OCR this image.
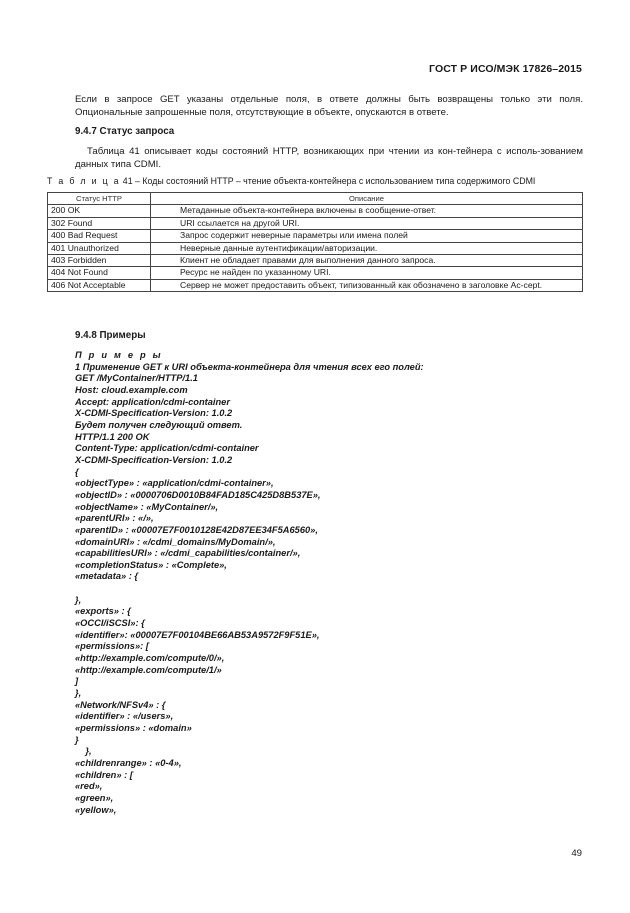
ГОСТ Р ИСО/МЭК 17826–2015
Если в запросе GET указаны отдельные поля, в ответе должны быть возвращены только эти поля. Опциональные запрошенные поля, отсутствующие в объекте, опускаются в ответе.
9.4.7 Статус запроса
Таблица 41 описывает коды состояний HTTP, возникающих при чтении из кон-тейнера с исполь-зованием данных типа CDMI.
Т а б л и ц а 41 – Коды состояний HTTP – чтение объекта-контейнера с использованием типа содержимого CDMI
Статус HTTP	Описание
200 OK	Метаданные объекта-контейнера включены в сообщение-ответ.
302 Found	URI ссылается на другой URI.
400 Bad Request	Запрос содержит неверные параметры или имена полей
401 Unauthorized	Неверные данные аутентификации/авторизации.
403 Forbidden	Клиент не обладает правами для выполнения данного запроса.
404 Not Found	Ресурс не найден по указанному URI.
406 Not Acceptable	Сервер не может предоставить объект, типизованный как обозначено в заголовке Ac-cept.
9.4.8 Примеры
П р и м е р ы
1 Применение GET к URI объекта-контейнера для чтения всех его полей:
GET /MyContainer/HTTP/1.1
Host: cloud.example.com
Accept: application/cdmi-container
X-CDMI-Specification-Version: 1.0.2
Будет получен следующий ответ.
HTTP/1.1 200 OK
Content-Type: application/cdmi-container
X-CDMI-Specification-Version: 1.0.2
{
«objectType» : «application/cdmi-container»,
«objectID» : «0000706D0010B84FAD185C425D8B537E»,
«objectName» : «MyContainer/»,
«parentURI» : «/»,
«parentID» : «00007E7F0010128E42D87EE34F5A6560»,
«domainURI» : «/cdmi_domains/MyDomain/»,
«capabilitiesURI» : «/cdmi_capabilities/container/»,
«completionStatus» : «Complete»,
«metadata» : {

},
«exports» : {
«OCCI/iSCSI»: {
«identifier»: «00007E7F00104BE66AB53A9572F9F51E»,
«permissions»: [
«http://example.com/compute/0/»,
«http://example.com/compute/1/»
]
},
«Network/NFSv4» : {
«identifier» : «/users»,
«permissions» : «domain»
}
},
«childrenrange» : «0-4»,
«children» : [
«red»,
«green»,
«yellow»,
49
